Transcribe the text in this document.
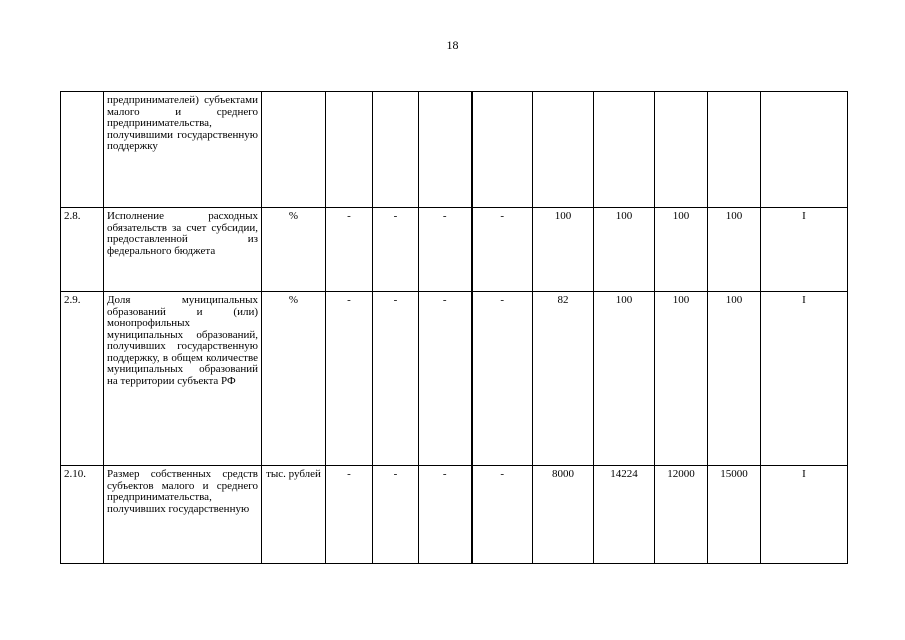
18
	предпринимателей) субъектами малого и среднего предпринимательства, получившими государственную поддержку										
2.8.	Исполнение расходных обязательств за счет субсидии, предоставленной из федерального бюджета	%	-	-	-	-	100	100	100	100	I
2.9.	Доля муниципальных образований и (или) монопрофильных муниципальных образований, получивших государственную поддержку, в общем количестве муниципальных образований на территории субъекта РФ	%	-	-	-	-	82	100	100	100	I
2.10.	Размер собственных средств субъектов малого и среднего предпринимательства, получивших государственную	тыс. рублей	-	-	-	-	8000	14224	12000	15000	I
